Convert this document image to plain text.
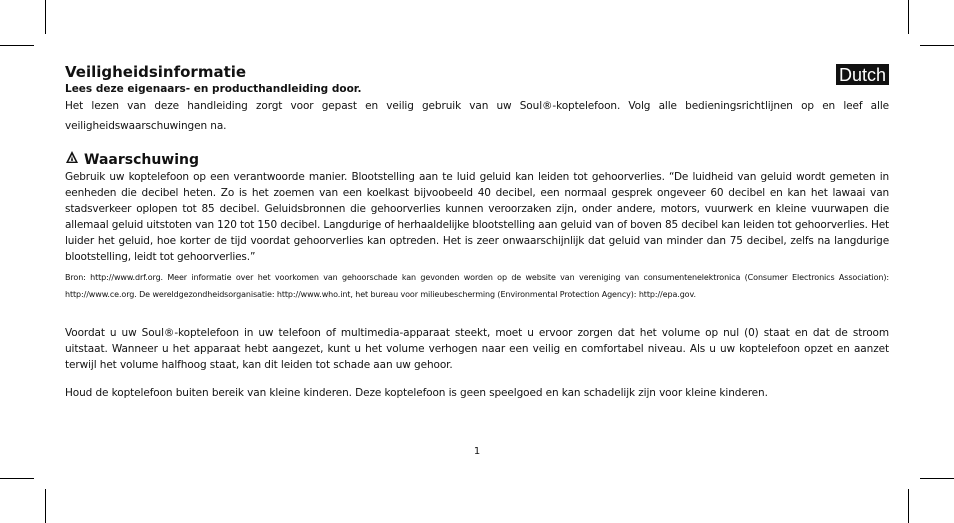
Dutch
Veiligheidsinformatie

Lees deze eigenaars- en producthandleiding door.

Het lezen van deze handleiding zorgt voor gepast en veilig gebruik van uw Soul®-koptelefoon. Volg alle bedieningsrichtlijnen op en leef alle veiligheidswaarschuwingen na.

Waarschuwing

Gebruik uw koptelefoon op een verantwoorde manier. Blootstelling aan te luid geluid kan leiden tot gehoorverlies. “De luidheid van geluid wordt gemeten in eenheden die decibel heten. Zo is het zoemen van een koelkast bijvoobeeld 40 decibel, een normaal gesprek ongeveer 60 decibel en kan het lawaai van stadsverkeer oplopen tot 85 decibel. Geluidsbronnen die gehoorverlies kunnen veroorzaken zijn, onder andere, motors, vuurwerk en kleine vuurwapen die allemaal geluid uitstoten van 120 tot 150 decibel. Langdurige of herhaaldelijke blootstelling aan geluid van of boven 85 decibel kan leiden tot gehoorverlies. Het luider het geluid, hoe korter de tijd voordat gehoorverlies kan optreden. Het is zeer onwaarschijnlijk dat geluid van minder dan 75 decibel, zelfs na langdurige blootstelling, leidt tot gehoorverlies.”

Bron: http://www.drf.org. Meer informatie over het voorkomen van gehoorschade kan gevonden worden op de website van vereniging van consumentenelektronica (Consumer Electronics Association): http://www.ce.org. De wereldgezondheidsorganisatie: http://www.who.int, het bureau voor milieubescherming (Environmental Protection Agency): http://epa.gov.

Voordat u uw Soul®-koptelefoon in uw telefoon of multimedia-apparaat steekt, moet u ervoor zorgen dat het volume op nul (0) staat en dat de stroom uitstaat. Wanneer u het apparaat hebt aangezet, kunt u het volume verhogen naar een veilig en comfortabel niveau. Als u uw koptelefoon opzet en aanzet terwijl het volume halfhoog staat, kan dit leiden tot schade aan uw gehoor.

Houd de koptelefoon buiten bereik van kleine kinderen. Deze koptelefoon is geen speelgoed en kan schadelijk zijn voor kleine kinderen.

1
